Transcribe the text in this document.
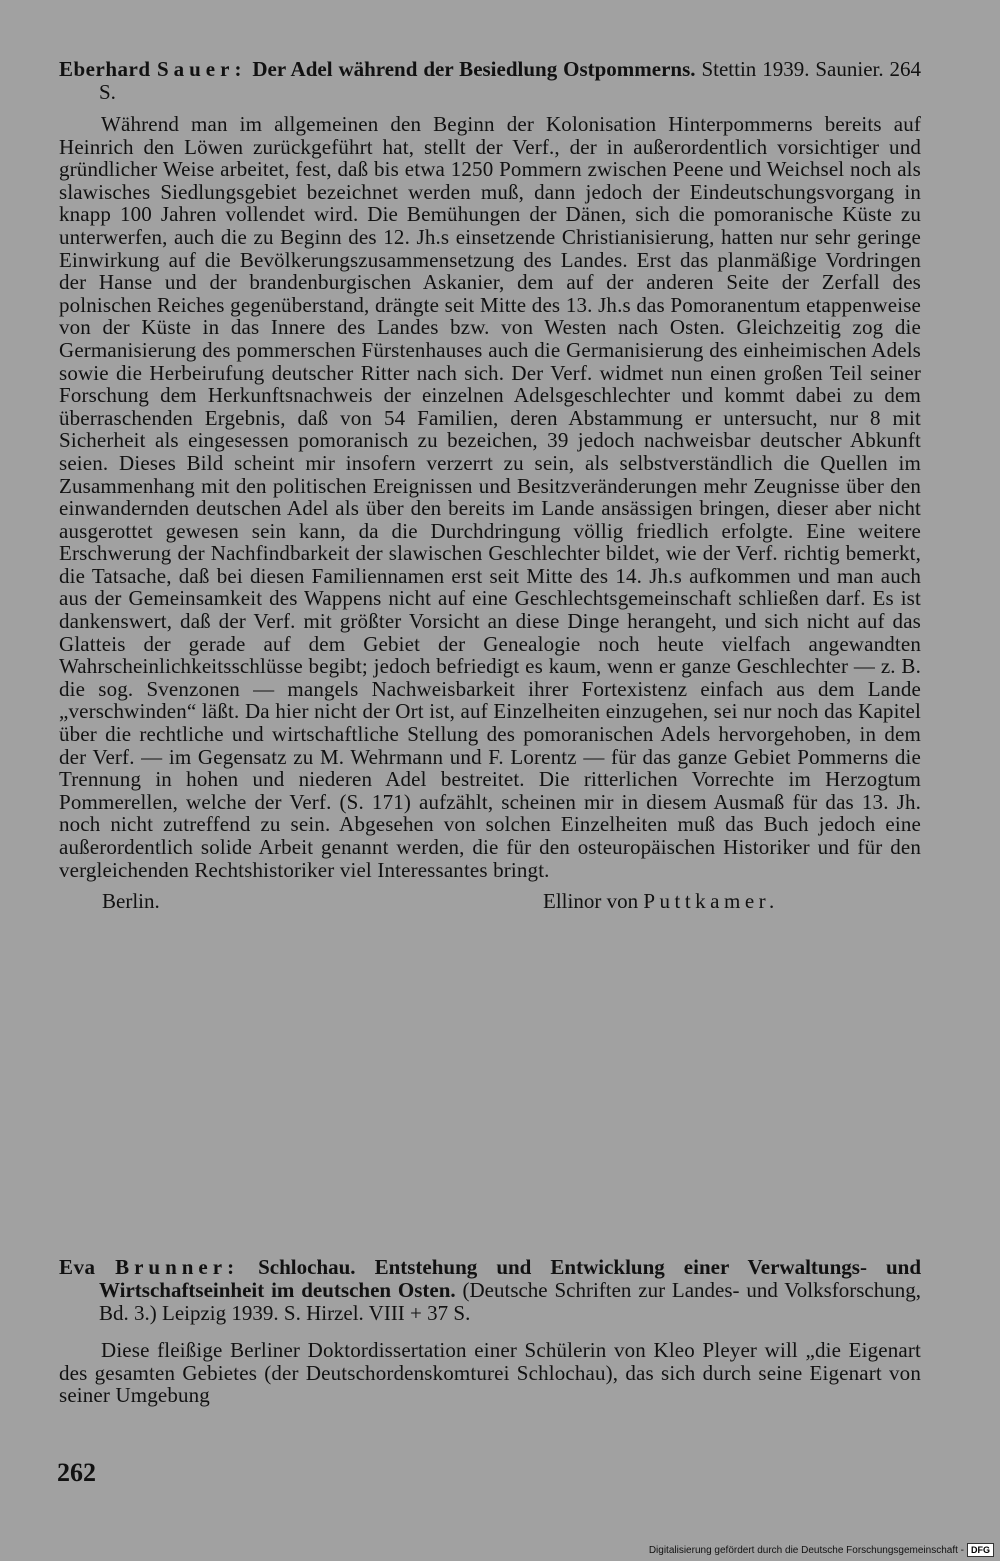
Eberhard Sauer: Der Adel während der Besiedlung Ostpommerns. Stettin 1939. Saunier. 264 S.

Während man im allgemeinen den Beginn der Kolonisation Hinterpommerns bereits auf Heinrich den Löwen zurückgeführt hat, stellt der Verf., der in außerordentlich vorsichtiger und gründlicher Weise arbeitet, fest, daß bis etwa 1250 Pommern zwischen Peene und Weichsel noch als slawisches Siedlungsgebiet bezeichnet werden muß, dann jedoch der Eindeutschungsvorgang in knapp 100 Jahren vollendet wird. Die Bemühungen der Dänen, sich die pomoranische Küste zu unterwerfen, auch die zu Beginn des 12. Jh.s einsetzende Christianisierung, hatten nur sehr geringe Einwirkung auf die Bevölkerungszusammensetzung des Landes. Erst das planmäßige Vordringen der Hanse und der brandenburgischen Askanier, dem auf der anderen Seite der Zerfall des polnischen Reiches gegenüberstand, drängte seit Mitte des 13. Jh.s das Pomoranentum etappenweise von der Küste in das Innere des Landes bzw. von Westen nach Osten. Gleichzeitig zog die Germanisierung des pommerschen Fürstenhauses auch die Germanisierung des einheimischen Adels sowie die Herbeirufung deutscher Ritter nach sich. Der Verf. widmet nun einen großen Teil seiner Forschung dem Herkunftsnachweis der einzelnen Adelsgeschlechter und kommt dabei zu dem überraschenden Ergebnis, daß von 54 Familien, deren Abstammung er untersucht, nur 8 mit Sicherheit als eingesessen pomoranisch zu bezeichen, 39 jedoch nachweisbar deutscher Abkunft seien. Dieses Bild scheint mir insofern verzerrt zu sein, als selbstverständlich die Quellen im Zusammenhang mit den politischen Ereignissen und Besitzveränderungen mehr Zeugnisse über den einwandernden deutschen Adel als über den bereits im Lande ansässigen bringen, dieser aber nicht ausgerottet gewesen sein kann, da die Durchdringung völlig friedlich erfolgte. Eine weitere Erschwerung der Nachfindbarkeit der slawischen Geschlechter bildet, wie der Verf. richtig bemerkt, die Tatsache, daß bei diesen Familiennamen erst seit Mitte des 14. Jh.s aufkommen und man auch aus der Gemeinsamkeit des Wappens nicht auf eine Geschlechtsgemeinschaft schließen darf. Es ist dankenswert, daß der Verf. mit größter Vorsicht an diese Dinge herangeht, und sich nicht auf das Glatteis der gerade auf dem Gebiet der Genealogie noch heute vielfach angewandten Wahrscheinlichkeitsschlüsse begibt; jedoch befriedigt es kaum, wenn er ganze Geschlechter — z. B. die sog. Svenzonen — mangels Nachweisbarkeit ihrer Fortexistenz einfach aus dem Lande „verschwinden“ läßt. Da hier nicht der Ort ist, auf Einzelheiten einzugehen, sei nur noch das Kapitel über die rechtliche und wirtschaftliche Stellung des pomoranischen Adels hervorgehoben, in dem der Verf. — im Gegensatz zu M. Wehrmann und F. Lorentz — für das ganze Gebiet Pommerns die Trennung in hohen und niederen Adel bestreitet. Die ritterlichen Vorrechte im Herzogtum Pommerellen, welche der Verf. (S. 171) aufzählt, scheinen mir in diesem Ausmaß für das 13. Jh. noch nicht zutreffend zu sein. Abgesehen von solchen Einzelheiten muß das Buch jedoch eine außerordentlich solide Arbeit genannt werden, die für den osteuropäischen Historiker und für den vergleichenden Rechtshistoriker viel Interessantes bringt.

Berlin.	Ellinor von Puttkamer.
Eva Brunner: Schlochau. Entstehung und Entwicklung einer Verwaltungs- und Wirtschaftseinheit im deutschen Osten. (Deutsche Schriften zur Landes- und Volksforschung, Bd. 3.) Leipzig 1939. S. Hirzel. VIII + 37 S.

Diese fleißige Berliner Doktordissertation einer Schülerin von Kleo Pleyer will „die Eigenart des gesamten Gebietes (der Deutschordenskomturei Schlochau), das sich durch seine Eigenart von seiner Umgebung

262
Digitalisierung gefördert durch die Deutsche Forschungsgemeinschaft - DFG
